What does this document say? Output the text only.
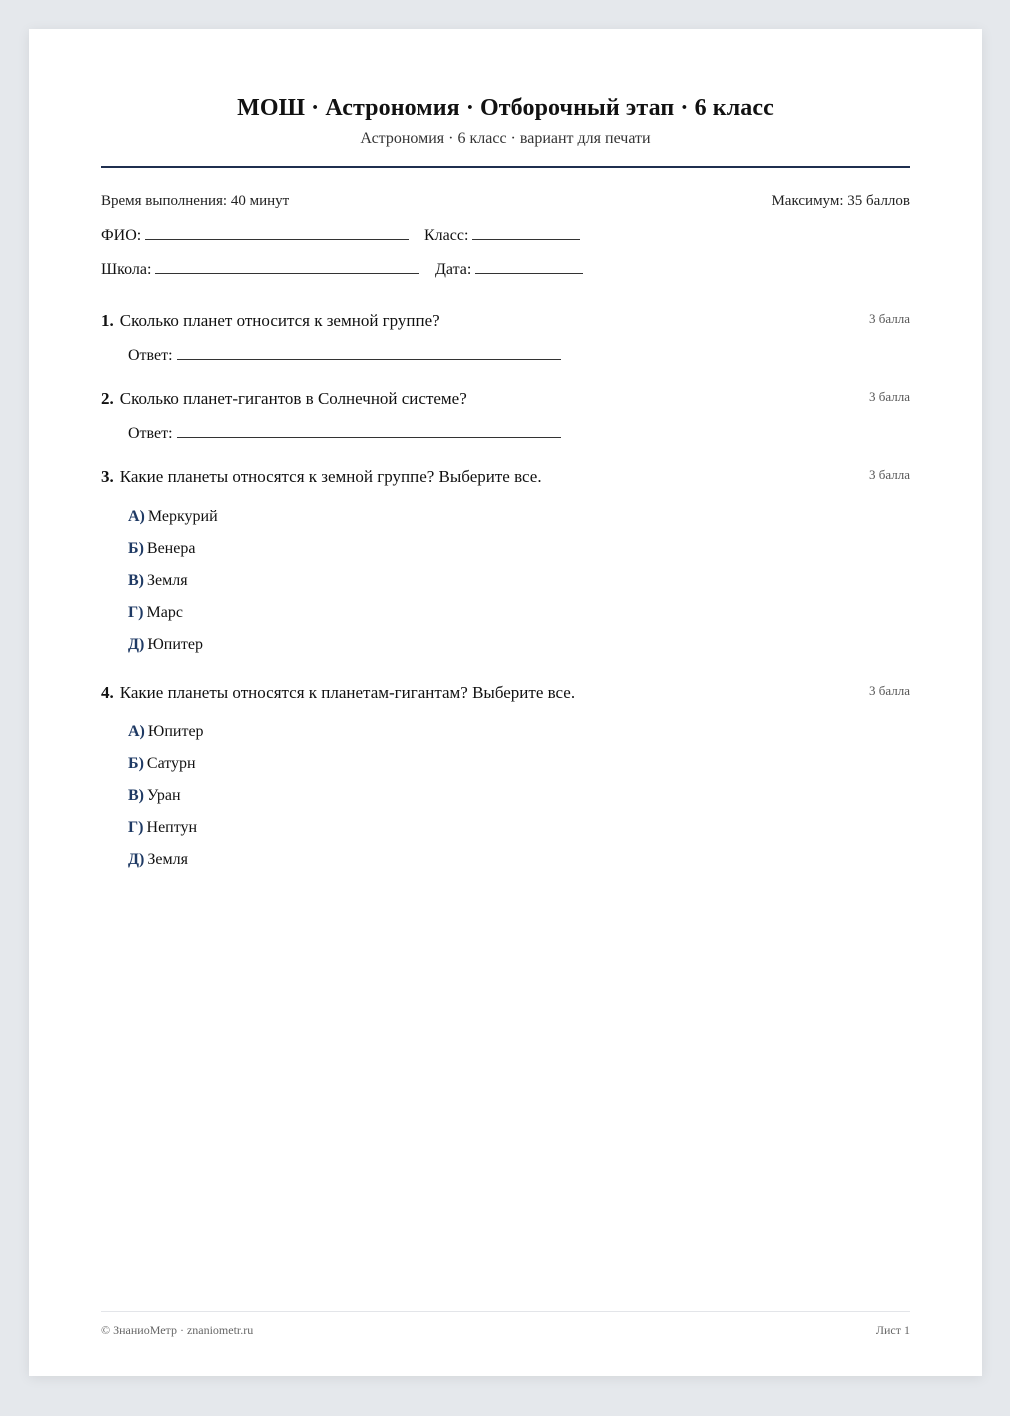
МОШ · Астрономия · Отборочный этап · 6 класс
Астрономия · 6 класс · вариант для печати
Время выполнения: 40 минут	Максимум: 35 баллов
ФИО:	Класс:
Школа:	Дата:
1. Сколько планет относится к земной группе?	3 балла
Ответ:
2. Сколько планет-гигантов в Солнечной системе?	3 балла
Ответ:
3. Какие планеты относятся к земной группе? Выберите все.	3 балла
А) Меркурий
Б) Венера
В) Земля
Г) Марс
Д) Юпитер
4. Какие планеты относятся к планетам-гигантам? Выберите все.	3 балла
А) Юпитер
Б) Сатурн
В) Уран
Г) Нептун
Д) Земля
© ЗнаниоМетр · znaniometr.ru	Лист 1
